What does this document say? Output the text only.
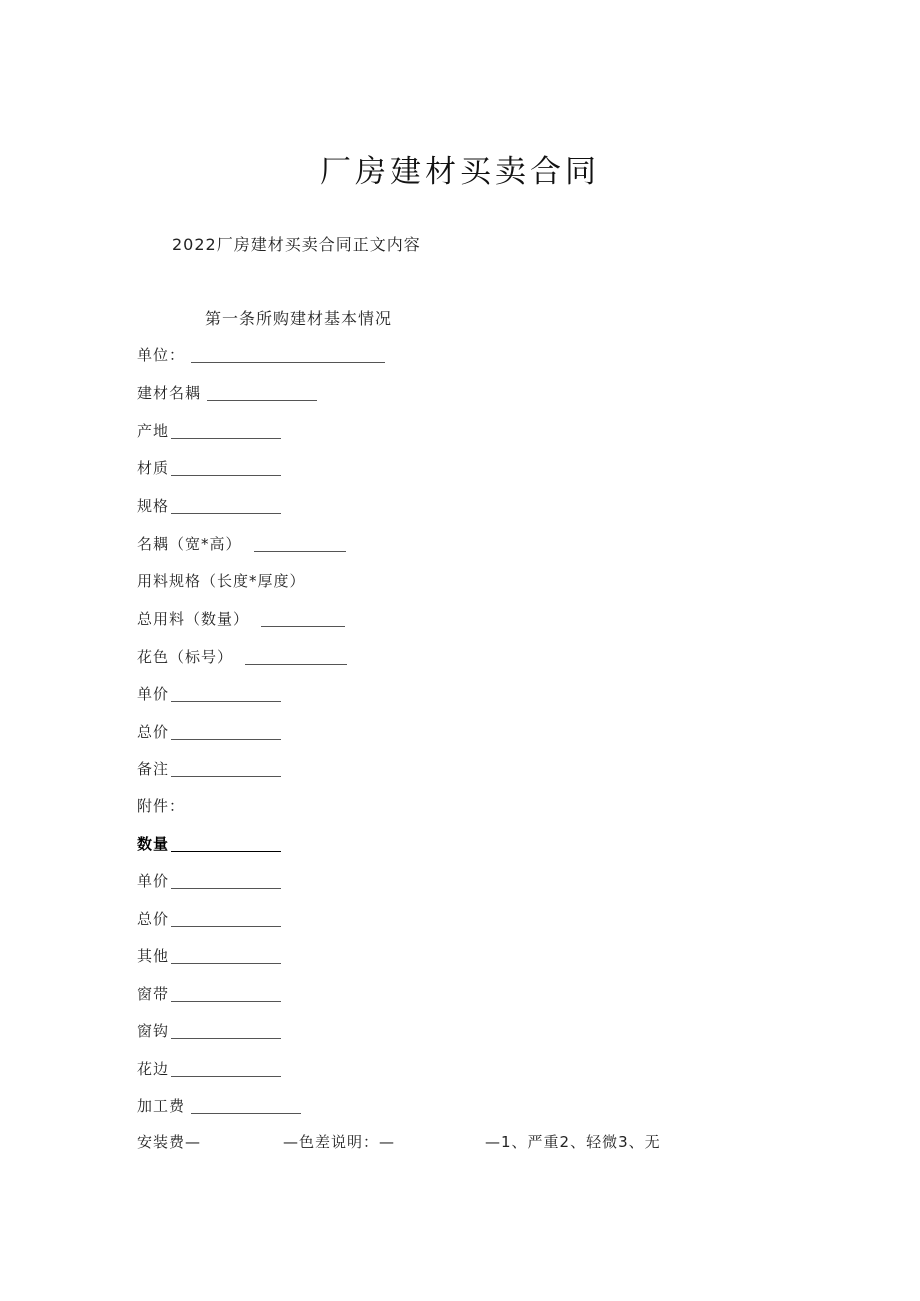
厂房建材买卖合同
2022厂房建材买卖合同正文内容
第一条所购建材基本情况
单位：
建材名耦
产地
材质
规格
名耦（宽*高）
用料规格（长度*厚度）
总用料（数量）
花色（标号）
单价
总价
备注
附件：
数量
单价
总价
其他
窗带
窗钩
花边
加工费
安装费—	—色差说明：—	—1、严重2、轻微3、无
